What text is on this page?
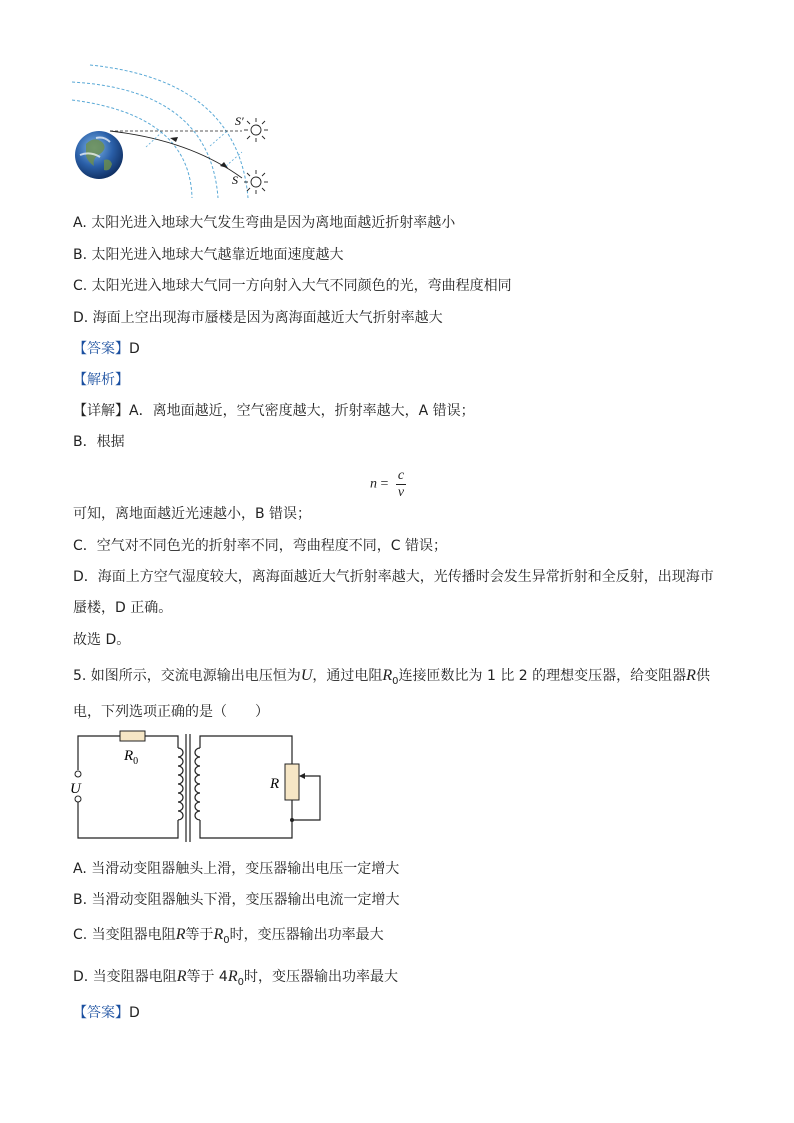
S′
S
A. 太阳光进入地球大气发生弯曲是因为离地面越近折射率越小
B. 太阳光进入地球大气越靠近地面速度越大
C. 太阳光进入地球大气同一方向射入大气不同颜色的光，弯曲程度相同
D. 海面上空出现海市蜃楼是因为离海面越近大气折射率越大
【答案】D
【解析】
【详解】A．离地面越近，空气密度越大，折射率越大，A 错误；
B．根据
$n = \frac{c}{v}$
可知，离地面越近光速越小，B 错误；
C．空气对不同色光的折射率不同，弯曲程度不同，C 错误；
D．海面上方空气湿度较大，离海面越近大气折射率越大，光传播时会发生异常折射和全反射，出现海市
蜃楼，D 正确。
故选 D。
5. 如图所示，交流电源输出电压恒为U，通过电阻$R_0$连接匝数比为 1 比 2 的理想变压器，给变阻器R供
电，下列选项正确的是（　　）
$R_0$
U	R
A. 当滑动变阻器触头上滑，变压器输出电压一定增大
B. 当滑动变阻器触头下滑，变压器输出电流一定增大
C. 当变阻器电阻R等于$R_0$时，变压器输出功率最大
D. 当变阻器电阻R等于 $4R_0$时，变压器输出功率最大
【答案】D
